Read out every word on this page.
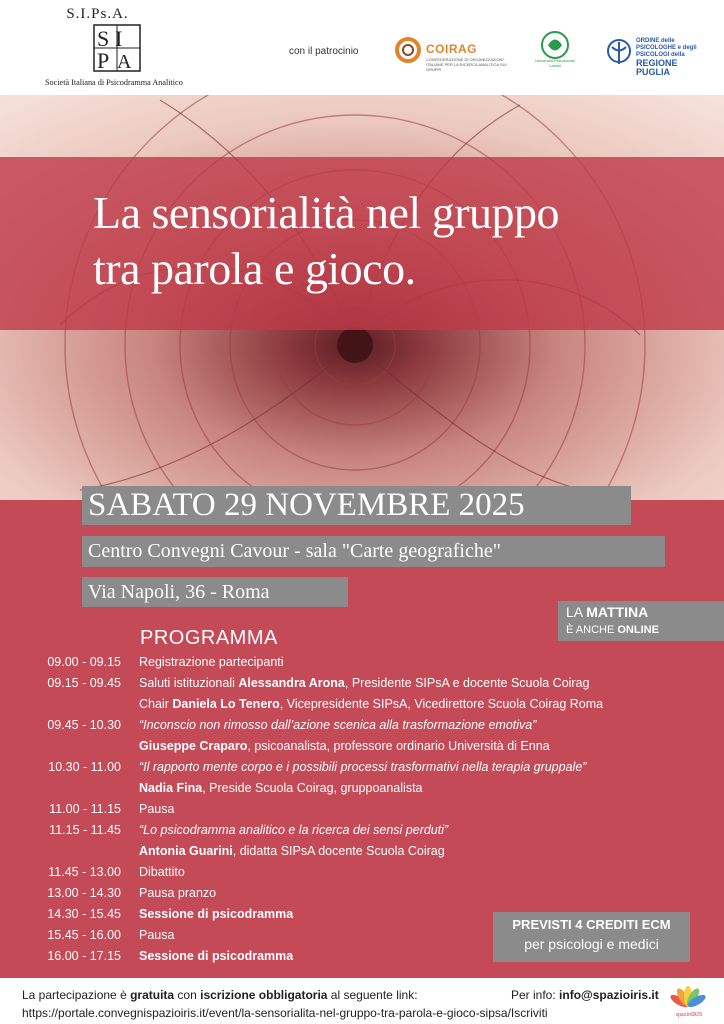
S.I.Ps.A.
S I
P A
Società Italiana di Psicodramma Analitico
con il patrocinio	COIRAG
CONFEDERAZIONE DI ORGANIZZAZIONI ITALIANE PER LA RICERCA ANALITICA SUI GRUPPI
Università Psicosociali Laziali
ORDINE delle
PSICOLOGHE e degli
PSICOLOGI della
REGIONE
PUGLIA
La sensorialità nel gruppo
tra parola e gioco.
SABATO 29 NOVEMBRE 2025
Centro Convegni Cavour - sala "Carte geografiche"
Via Napoli, 36 - Roma
LA MATTINA
È ANCHE ONLINE
PROGRAMMA
09.00 - 09.15 Registrazione partecipanti
09.15 - 09.45 Saluti istituzionali Alessandra Arona, Presidente SIPsA e docente Scuola Coirag
Chair Daniela Lo Tenero, Vicepresidente SIPsA, Vicedirettore Scuola Coirag Roma
09.45 - 10.30 “Inconscio non rimosso dall’azione scenica alla trasformazione emotiva”
Giuseppe Craparo, psicoanalista, professore ordinario Università di Enna
10.30 - 11.00 “Il rapporto mente corpo e i possibili processi trasformativi nella terapia gruppale”
Nadia Fina, Preside Scuola Coirag, gruppoanalista
11.00 - 11.15 Pausa
11.15 - 11.45 “Lo psicodramma analitico e la ricerca dei sensi perduti”
Antonia Guarini, didatta SIPsA docente Scuola Coirag
11.45 - 13.00 Dibattito
13.00 - 14.30 Pausa pranzo
14.30 - 15.45 Sessione di psicodramma
15.45 - 16.00 Pausa
16.00 - 17.15 Sessione di psicodramma
PREVISTI 4 CREDITI ECM
per psicologi e medici
La partecipazione è gratuita con iscrizione obbligatoria al seguente link:	Per info: info@spazioiris.it
https://portale.convegnispazioiris.it/event/la-sensorialita-nel-gruppo-tra-parola-e-gioco-sipsa/Iscriviti	spazioIRIS
